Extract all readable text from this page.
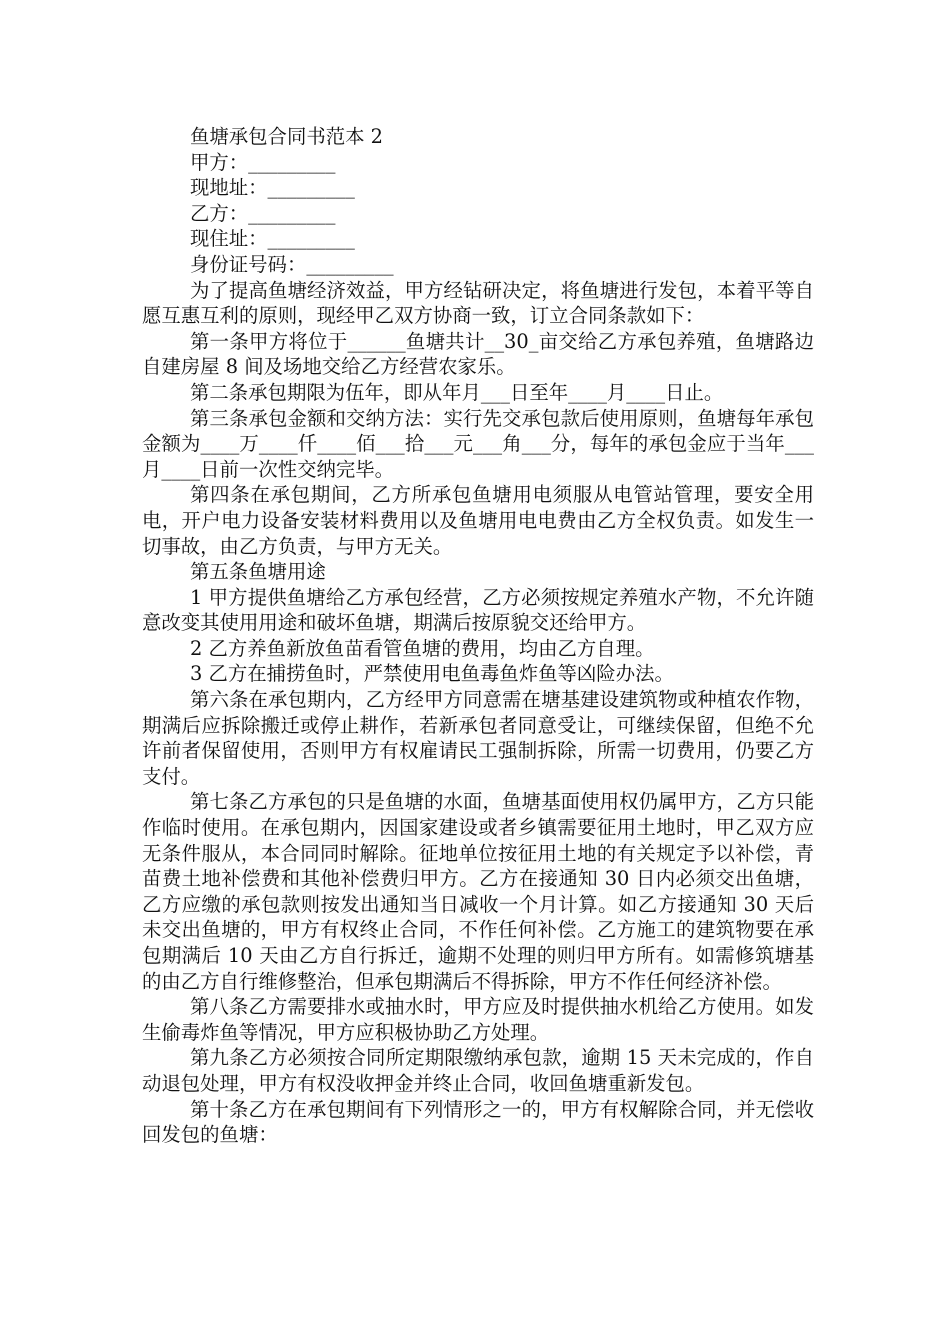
鱼塘承包合同书范本 2
甲方：_________
现地址：_________
乙方：_________
现住址：_________
身份证号码：_________
为了提高鱼塘经济效益，甲方经钻研决定，将鱼塘进行发包，本着平等自愿互惠互利的原则，现经甲乙双方协商一致，订立合同条款如下：
第一条甲方将位于______鱼塘共计__30_亩交给乙方承包养殖，鱼塘路边自建房屋 8 间及场地交给乙方经营农家乐。
第二条承包期限为伍年，即从年月___日至年____月____日止。
第三条承包金额和交纳方法：实行先交承包款后使用原则，鱼塘每年承包金额为____万____仟____佰___拾___元___角___分，每年的承包金应于当年___月____日前一次性交纳完毕。
第四条在承包期间，乙方所承包鱼塘用电须服从电管站管理，要安全用电，开户电力设备安装材料费用以及鱼塘用电电费由乙方全权负责。如发生一切事故，由乙方负责，与甲方无关。
第五条鱼塘用途
1 甲方提供鱼塘给乙方承包经营，乙方必须按规定养殖水产物，不允许随意改变其使用用途和破坏鱼塘，期满后按原貌交还给甲方。
2 乙方养鱼新放鱼苗看管鱼塘的费用，均由乙方自理。
3 乙方在捕捞鱼时，严禁使用电鱼毒鱼炸鱼等凶险办法。
第六条在承包期内，乙方经甲方同意需在塘基建设建筑物或种植农作物，期满后应拆除搬迁或停止耕作，若新承包者同意受让，可继续保留，但绝不允许前者保留使用，否则甲方有权雇请民工强制拆除，所需一切费用，仍要乙方支付。
第七条乙方承包的只是鱼塘的水面，鱼塘基面使用权仍属甲方，乙方只能作临时使用。在承包期内，因国家建设或者乡镇需要征用土地时，甲乙双方应无条件服从，本合同同时解除。征地单位按征用土地的有关规定予以补偿，青苗费土地补偿费和其他补偿费归甲方。乙方在接通知 30 日内必须交出鱼塘，乙方应缴的承包款则按发出通知当日减收一个月计算。如乙方接通知 30 天后未交出鱼塘的，甲方有权终止合同，不作任何补偿。乙方施工的建筑物要在承包期满后 10 天由乙方自行拆迁，逾期不处理的则归甲方所有。如需修筑塘基的由乙方自行维修整治，但承包期满后不得拆除，甲方不作任何经济补偿。
第八条乙方需要排水或抽水时，甲方应及时提供抽水机给乙方使用。如发生偷毒炸鱼等情况，甲方应积极协助乙方处理。
第九条乙方必须按合同所定期限缴纳承包款，逾期 15 天未完成的，作自动退包处理，甲方有权没收押金并终止合同，收回鱼塘重新发包。
第十条乙方在承包期间有下列情形之一的，甲方有权解除合同，并无偿收回发包的鱼塘：
